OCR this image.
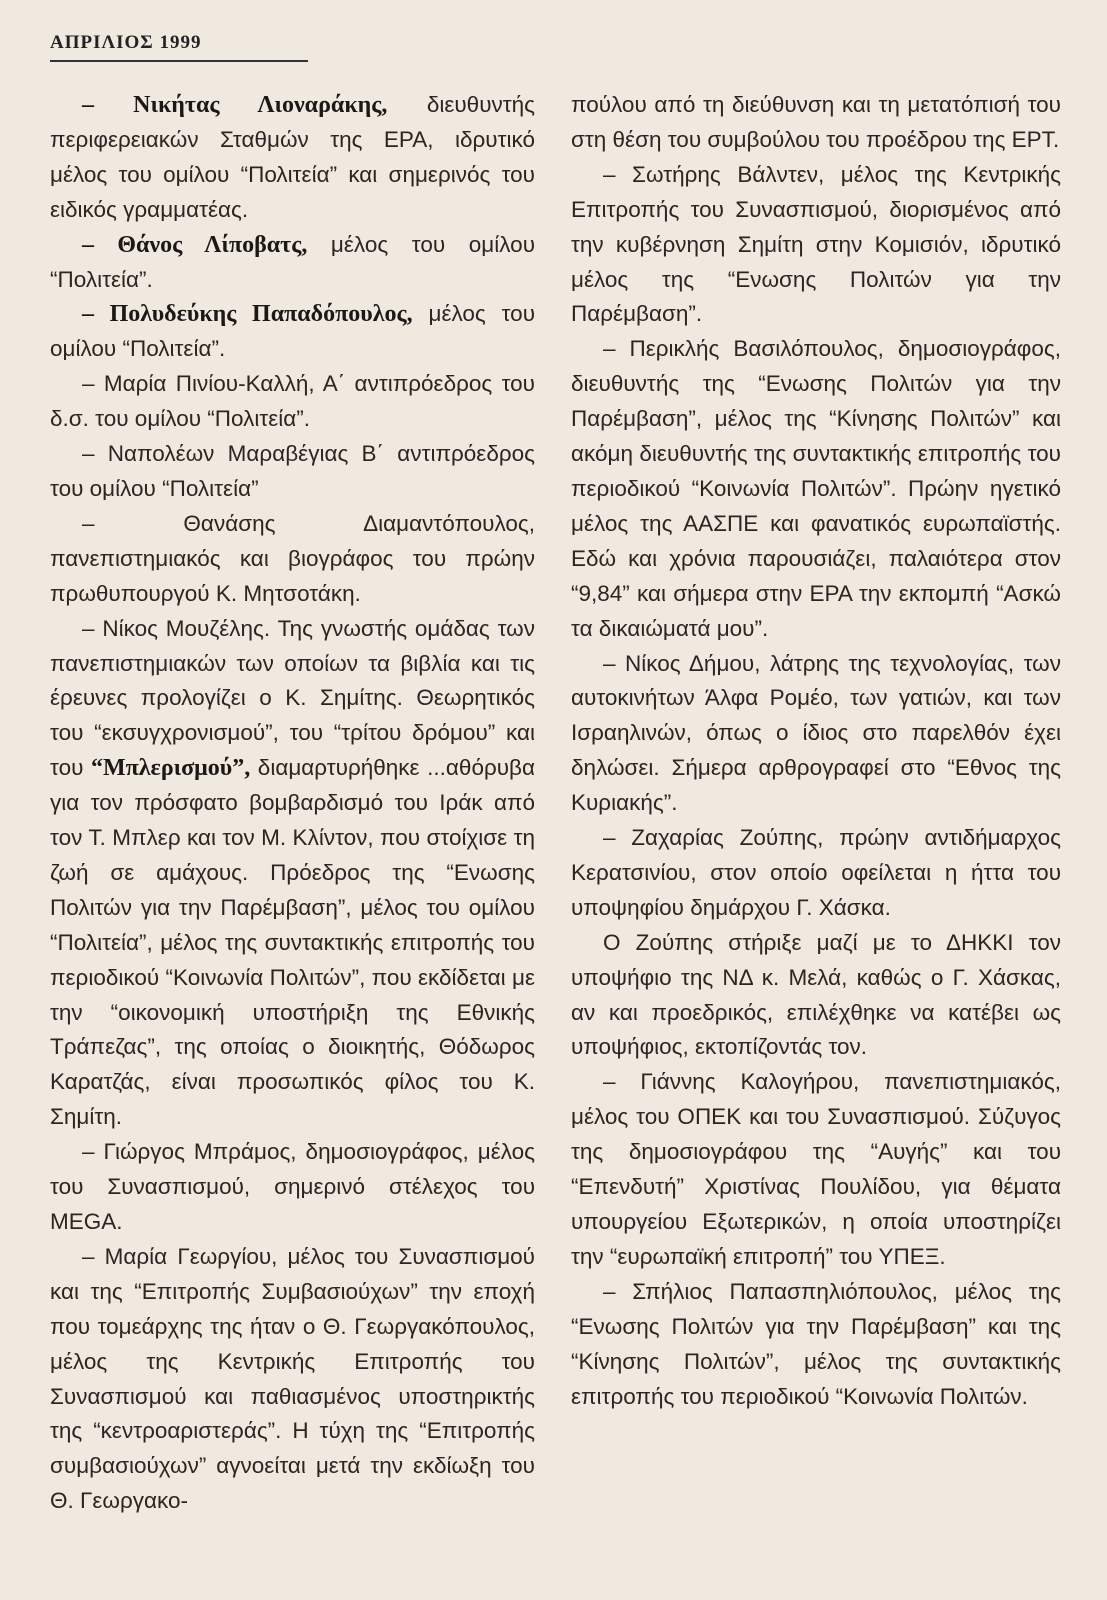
ΑΠΡΙΛΙΟΣ 1999

– Νικήτας Λιοναράκης, διευθυντής περιφερειακών Σταθμών της ΕΡΑ, ιδρυτικό μέλος του ομίλου “Πολιτεία” και σημερινός του ειδικός γραμματέας.

– Θάνος Λίποβατς, μέλος του ομίλου “Πολιτεία”.

– Πολυδεύκης Παπαδόπουλος, μέλος του ομίλου “Πολιτεία”.

– Μαρία Πινίου-Καλλή, Α΄ αντιπρόεδρος του δ.σ. του ομίλου “Πολιτεία”.

– Ναπολέων Μαραβέγιας Β΄ αντιπρόεδρος του ομίλου “Πολιτεία”

– Θανάσης Διαμαντόπουλος, πανεπιστημιακός και βιογράφος του πρώην πρωθυπουργού Κ. Μητσοτάκη.

– Νίκος Μουζέλης. Της γνωστής ομάδας των πανεπιστημιακών των οποίων τα βιβλία και τις έρευνες προλογίζει ο Κ. Σημίτης. Θεωρητικός του “εκσυγχρονισμού”, του “τρίτου δρόμου” και του “Μπλερισμού”, διαμαρτυρήθηκε ...αθόρυβα για τον πρόσφατο βομβαρδισμό του Ιράκ από τον Τ. Μπλερ και τον Μ. Κλίντον, που στοίχισε τη ζωή σε αμάχους. Πρόεδρος της “Ενωσης Πολιτών για την Παρέμβαση”, μέλος του ομίλου “Πολιτεία”, μέλος της συντακτικής επιτροπής του περιοδικού “Κοινωνία Πολιτών”, που εκδίδεται με την “οικονομική υποστήριξη της Εθνικής Τράπεζας”, της οποίας ο διοικητής, Θόδωρος Καρατζάς, είναι προσωπικός φίλος του Κ. Σημίτη.

– Γιώργος Μπράμος, δημοσιογράφος, μέλος του Συνασπισμού, σημερινό στέλεχος του MEGA.

– Μαρία Γεωργίου, μέλος του Συνασπισμού και της “Επιτροπής Συμβασιούχων” την εποχή που τομεάρχης της ήταν ο Θ. Γεωργακόπουλος, μέλος της Κεντρικής Επιτροπής του Συνασπισμού και παθιασμένος υποστηρικτής της “κεντροαριστεράς”. Η τύχη της “Επιτροπής συμβασιούχων” αγνοείται μετά την εκδίωξη του Θ. Γεωργακο-

πούλου από τη διεύθυνση και τη μετατόπισή του στη θέση του συμβούλου του προέδρου της ΕΡΤ.

– Σωτήρης Βάλντεν, μέλος της Κεντρικής Επιτροπής του Συνασπισμού, διορισμένος από την κυβέρνηση Σημίτη στην Κομισιόν, ιδρυτικό μέλος της “Ενωσης Πολιτών για την Παρέμβαση”.

– Περικλής Βασιλόπουλος, δημοσιογράφος, διευθυντής της “Ενωσης Πολιτών για την Παρέμβαση”, μέλος της “Κίνησης Πολιτών” και ακόμη διευθυντής της συντακτικής επιτροπής του περιοδικού “Κοινωνία Πολιτών”. Πρώην ηγετικό μέλος της ΑΑΣΠΕ και φανατικός ευρωπαϊστής. Εδώ και χρόνια παρουσιάζει, παλαιότερα στον “9,84” και σήμερα στην ΕΡΑ την εκπομπή “Ασκώ τα δικαιώματά μου”.

– Νίκος Δήμου, λάτρης της τεχνολογίας, των αυτοκινήτων Άλφα Ρομέο, των γατιών, και των Ισραηλινών, όπως ο ίδιος στο παρελθόν έχει δηλώσει. Σήμερα αρθρογραφεί στο “Εθνος της Κυριακής”.

– Ζαχαρίας Ζούπης, πρώην αντιδήμαρχος Κερατσινίου, στον οποίο οφείλεται η ήττα του υποψηφίου δημάρχου Γ. Χάσκα.

Ο Ζούπης στήριξε μαζί με το ΔΗΚΚΙ τον υποψήφιο της ΝΔ κ. Μελά, καθώς ο Γ. Χάσκας, αν και προεδρικός, επιλέχθηκε να κατέβει ως υποψήφιος, εκτοπίζοντάς τον.

– Γιάννης Καλογήρου, πανεπιστημιακός, μέλος του ΟΠΕΚ και του Συνασπισμού. Σύζυγος της δημοσιογράφου της “Αυγής” και του “Επενδυτή” Χριστίνας Πουλίδου, για θέματα υπουργείου Εξωτερικών, η οποία υποστηρίζει την “ευρωπαϊκή επιτροπή” του ΥΠΕΞ.

– Σπήλιος Παπασπηλιόπουλος, μέλος της “Ενωσης Πολιτών για την Παρέμβαση” και της “Κίνησης Πολιτών”, μέλος της συντακτικής επιτροπής του περιοδικού “Κοινωνία Πολιτών.
